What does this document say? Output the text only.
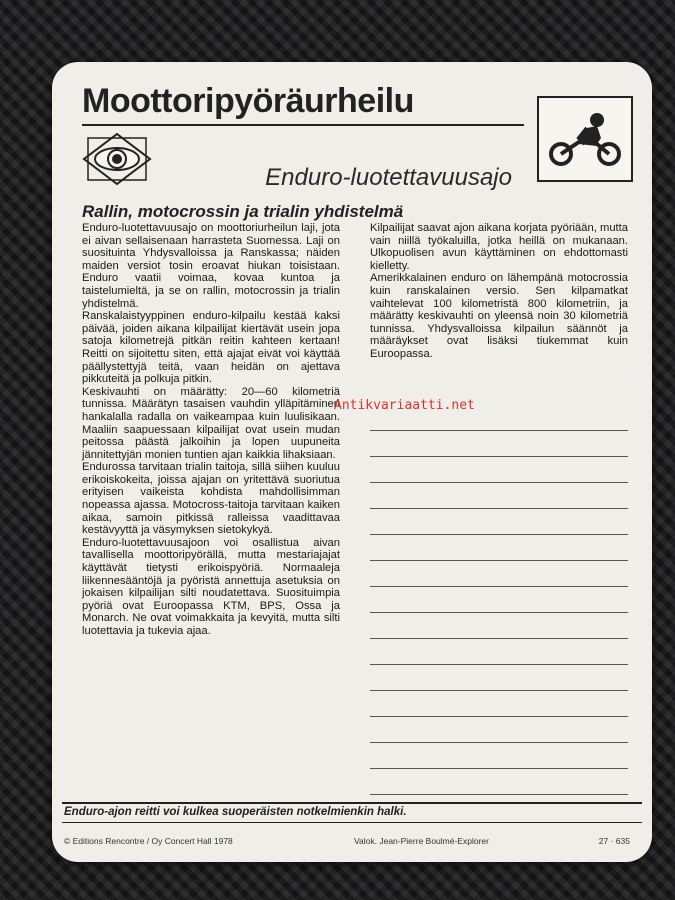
Moottoripyöräurheilu
Enduro-luotettavuusajo
Rallin, motocrossin ja trialin yhdistelmä

Enduro-luotettavuusajo on moottoriurheilun laji, jota ei aivan sellaisenaan harrasteta Suomessa. Laji on suosituinta Yhdysvalloissa ja Ranskassa; näiden maiden versiot tosin eroavat hiukan toisistaan. Enduro vaatii voimaa, kovaa kuntoa ja taistelumieltä, ja se on rallin, motocrossin ja trialin yhdistelmä.

Ranskalaistyyppinen enduro-kilpailu kestää kaksi päivää, joiden aikana kilpailijat kiertävät usein jopa satoja kilometrejä pitkän reitin kahteen kertaan! Reitti on sijoitettu siten, että ajajat eivät voi käyttää päällystettyjä teitä, vaan heidän on ajettava pikkuteitä ja polkuja pitkin.

Keskivauhti on määrätty: 20—60 kilometriä tunnissa. Määrätyn tasaisen vauhdin ylläpitäminen hankalalla radalla on vaikeampaa kuin luulisikaan. Maaliin saapuessaan kilpailijat ovat usein mudan peitossa päästä jalkoihin ja lopen uupuneita jännitettyjän monien tuntien ajan kaikkia lihaksiaan.

Endurossa tarvitaan trialin taitoja, sillä siihen kuuluu erikoiskokeita, joissa ajajan on yritettävä suoriutua erityisen vaikeista kohdista mahdollisimman nopeassa ajassa. Motocross-taitoja tarvitaan kaiken aikaa, samoin pitkissä ralleissa vaadittavaa kestävyyttä ja väsymyksen sietokykyä.

Enduro-luotettavuusajoon voi osallistua aivan tavallisella moottoripyörällä, mutta mestariajajat käyttävät tietysti erikoispyöriä. Normaaleja liikennesääntöjä ja pyöristä annettuja asetuksia on jokaisen kilpailijan silti noudatettava. Suosituimpia pyöriä ovat Euroopassa KTM, BPS, Ossa ja Monarch. Ne ovat voimakkaita ja kevyitä, mutta silti luotettavia ja tukevia ajaa.

Kilpailijat saavat ajon aikana korjata pyöriään, mutta vain niillä työkaluilla, jotka heillä on mukanaan. Ulkopuolisen avun käyttäminen on ehdottomasti kielletty.

Amerikkalainen enduro on lähempänä motocrossia kuin ranskalainen versio. Sen kilpamatkat vaihtelevat 100 kilometristä 800 kilometriin, ja määrätty keskivauhti on yleensä noin 30 kilometriä tunnissa. Yhdysvalloissa kilpailun säännöt ja määräykset ovat lisäksi tiukemmat kuin Euroopassa.

Antikvariaatti.net
Enduro-ajon reitti voi kulkea suoperäisten notkelmienkin halki.
© Editions Rencontre / Oy Concert Hall 1978	Valok. Jean-Pierre Boulmé-Explorer	27 · 635
